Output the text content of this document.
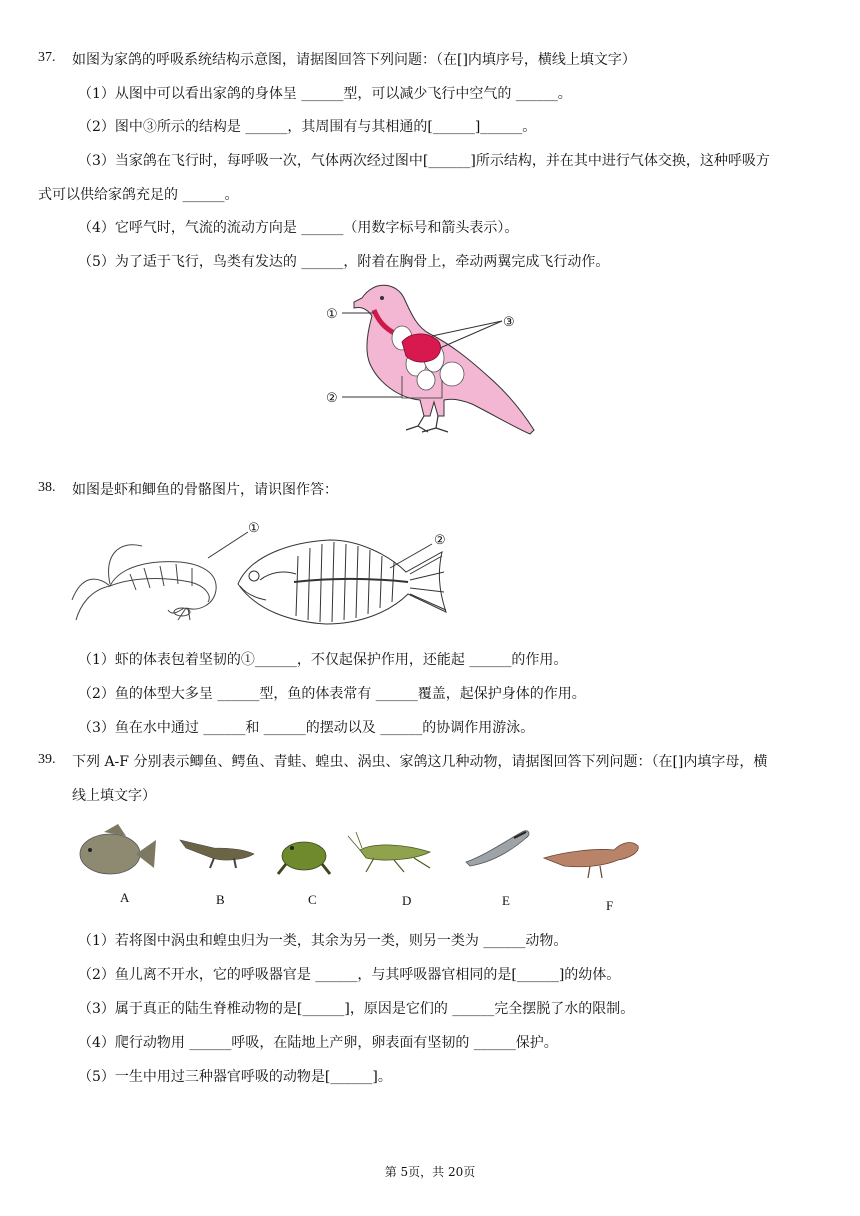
37. 如图为家鸽的呼吸系统结构示意图，请据图回答下列问题：（在[]内填序号，横线上填文字）
（1）从图中可以看出家鸽的身体呈 ______型，可以减少飞行中空气的 ______。
（2）图中③所示的结构是 ______，其周围有与其相通的[______]______。
（3）当家鸽在飞行时，每呼吸一次，气体两次经过图中[______]所示结构，并在其中进行气体交换，这种呼吸方
式可以供给家鸽充足的 ______。
（4）它呼气时，气流的流动方向是 ______（用数字标号和箭头表示）。
（5）为了适于飞行，鸟类有发达的 ______，附着在胸骨上，牵动两翼完成飞行动作。
①
②
③
38. 如图是虾和鲫鱼的骨骼图片，请识图作答：
①
②
（1）虾的体表包着坚韧的①______，不仅起保护作用，还能起 ______的作用。
（2）鱼的体型大多呈 ______型，鱼的体表常有 ______覆盖，起保护身体的作用。
（3）鱼在水中通过 ______和 ______的摆动以及 ______的协调作用游泳。
39. 下列 A-F 分别表示鲫鱼、鳄鱼、青蛙、蝗虫、涡虫、家鸽这几种动物，请据图回答下列问题：（在[]内填字母，横
线上填文字）
A	B	C	D	E	F
（1）若将图中涡虫和蝗虫归为一类，其余为另一类，则另一类为 ______动物。
（2）鱼儿离不开水，它的呼吸器官是 ______，与其呼吸器官相同的是[______]的幼体。
（3）属于真正的陆生脊椎动物的是[______]，原因是它们的 ______完全摆脱了水的限制。
（4）爬行动物用 ______呼吸，在陆地上产卵，卵表面有坚韧的 ______保护。
（5）一生中用过三种器官呼吸的动物是[______]。
第 5页，共 20页
